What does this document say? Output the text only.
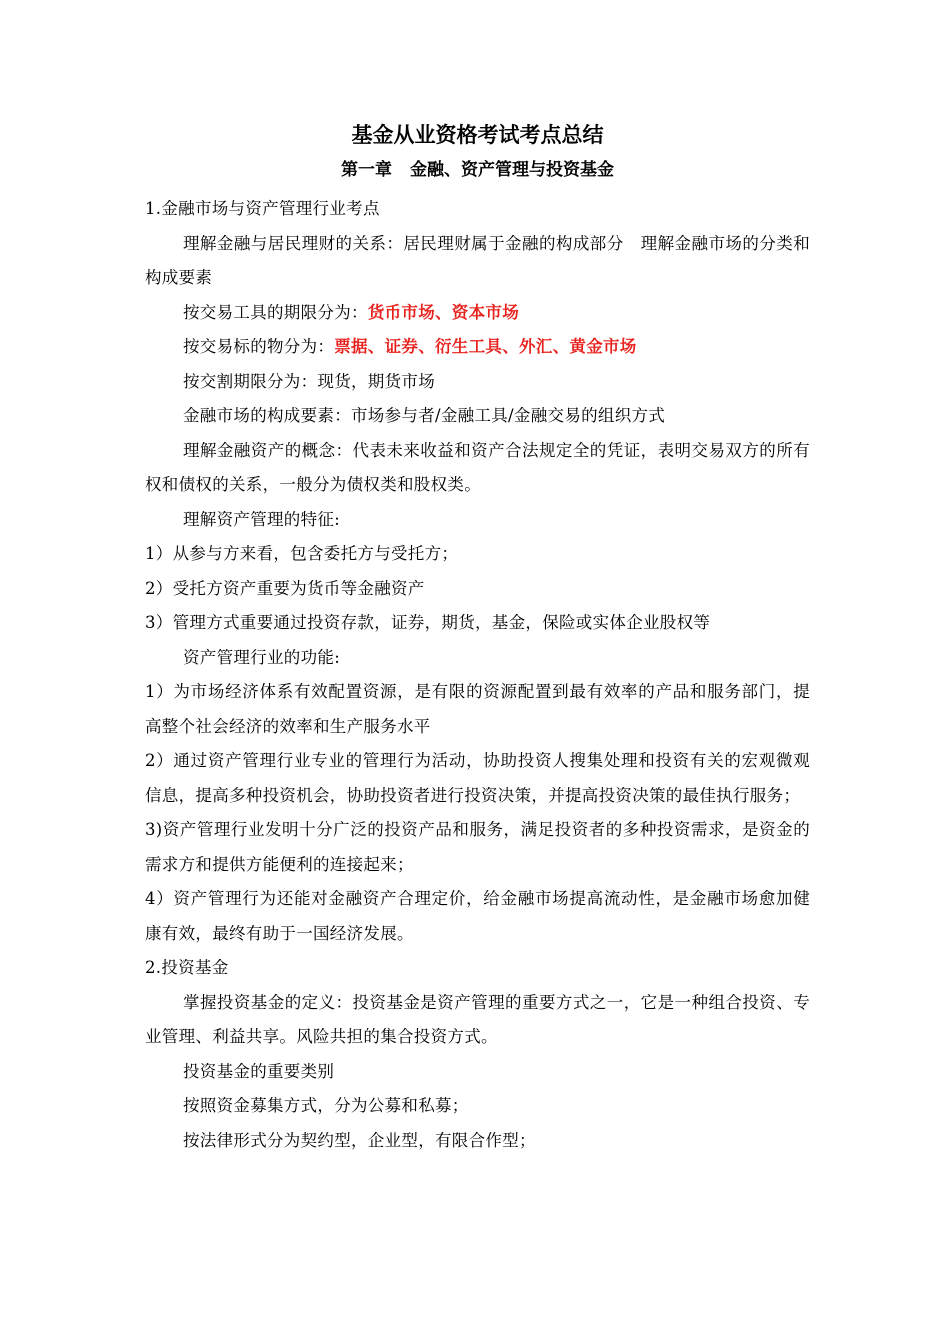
基金从业资格考试考点总结
第一章 金融、资产管理与投资基金

1.金融市场与资产管理行业考点

理解金融与居民理财的关系：居民理财属于金融的构成部分　理解金融市场的分类和构成要素

按交易工具的期限分为：货币市场、资本市场

按交易标的物分为：票据、证券、衍生工具、外汇、黄金市场

按交割期限分为：现货，期货市场

金融市场的构成要素：市场参与者/金融工具/金融交易的组织方式

理解金融资产的概念：代表未来收益和资产合法规定全的凭证，表明交易双方的所有权和债权的关系，一般分为债权类和股权类。

理解资产管理的特征:

1）从参与方来看，包含委托方与受托方；

2）受托方资产重要为货币等金融资产

3）管理方式重要通过投资存款，证券，期货，基金，保险或实体企业股权等

资产管理行业的功能:

1）为市场经济体系有效配置资源，是有限的资源配置到最有效率的产品和服务部门，提高整个社会经济的效率和生产服务水平

2）通过资产管理行业专业的管理行为活动，协助投资人搜集处理和投资有关的宏观微观信息，提高多种投资机会，协助投资者进行投资决策，并提高投资决策的最佳执行服务；

3)资产管理行业发明十分广泛的投资产品和服务，满足投资者的多种投资需求，是资金的需求方和提供方能便利的连接起来；

4）资产管理行为还能对金融资产合理定价，给金融市场提高流动性，是金融市场愈加健康有效，最终有助于一国经济发展。

2.投资基金

掌握投资基金的定义：投资基金是资产管理的重要方式之一，它是一种组合投资、专业管理、利益共享。风险共担的集合投资方式。

投资基金的重要类别

按照资金募集方式，分为公募和私募；

按法律形式分为契约型，企业型，有限合作型；
